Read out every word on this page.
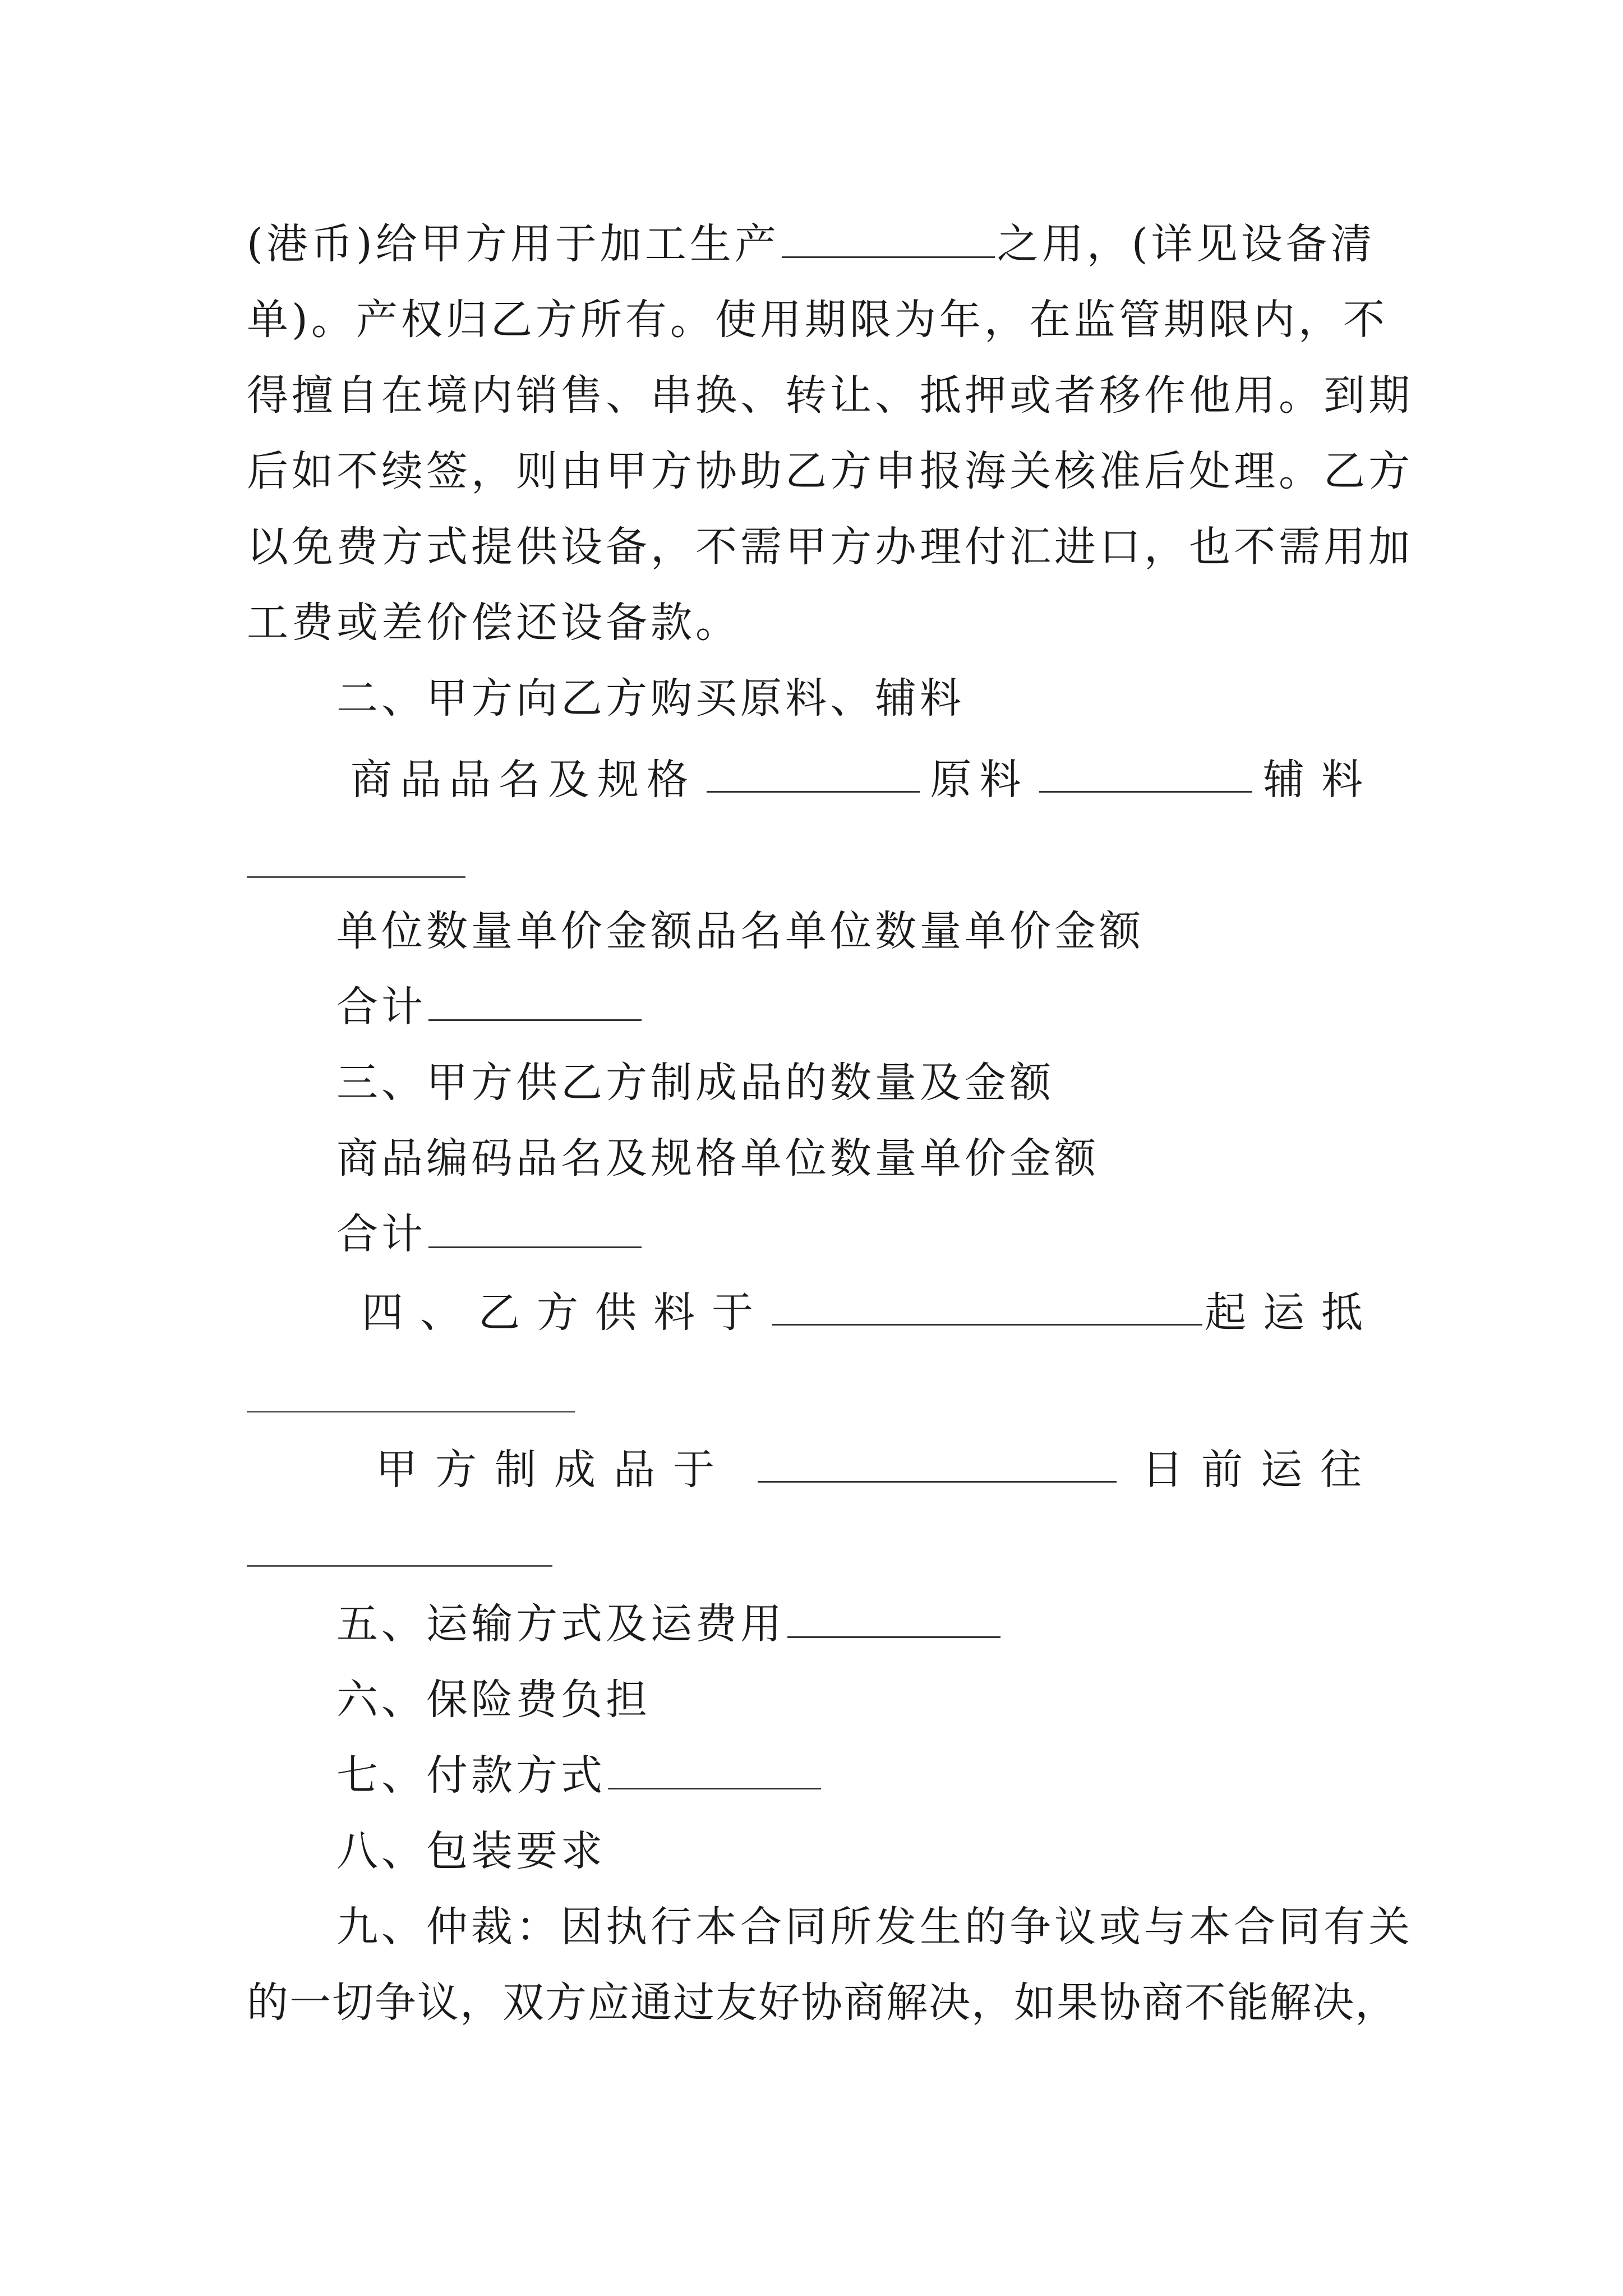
(港币)给甲方用于加工生产	之用，(详见设备清
单)。产权归乙方所有。使用期限为年，在监管期限内，不
得擅自在境内销售、串换、转让、抵押或者移作他用。到期
后如不续签，则由甲方协助乙方申报海关核准后处理。乙方
以免费方式提供设备，不需甲方办理付汇进口，也不需用加
工费或差价偿还设备款。
二、甲方向乙方购买原料、辅料
商品品名及规格	原料	辅料
单位数量单价金额品名单位数量单价金额
合计
三、甲方供乙方制成品的数量及金额
商品编码品名及规格单位数量单价金额
合计
四、乙方供料于	起运抵
甲方制成品于	日前运往
五、运输方式及运费用
六、保险费负担
七、付款方式
八、包装要求
九、仲裁：因执行本合同所发生的争议或与本合同有关
的一切争议，双方应通过友好协商解决，如果协商不能解决，
